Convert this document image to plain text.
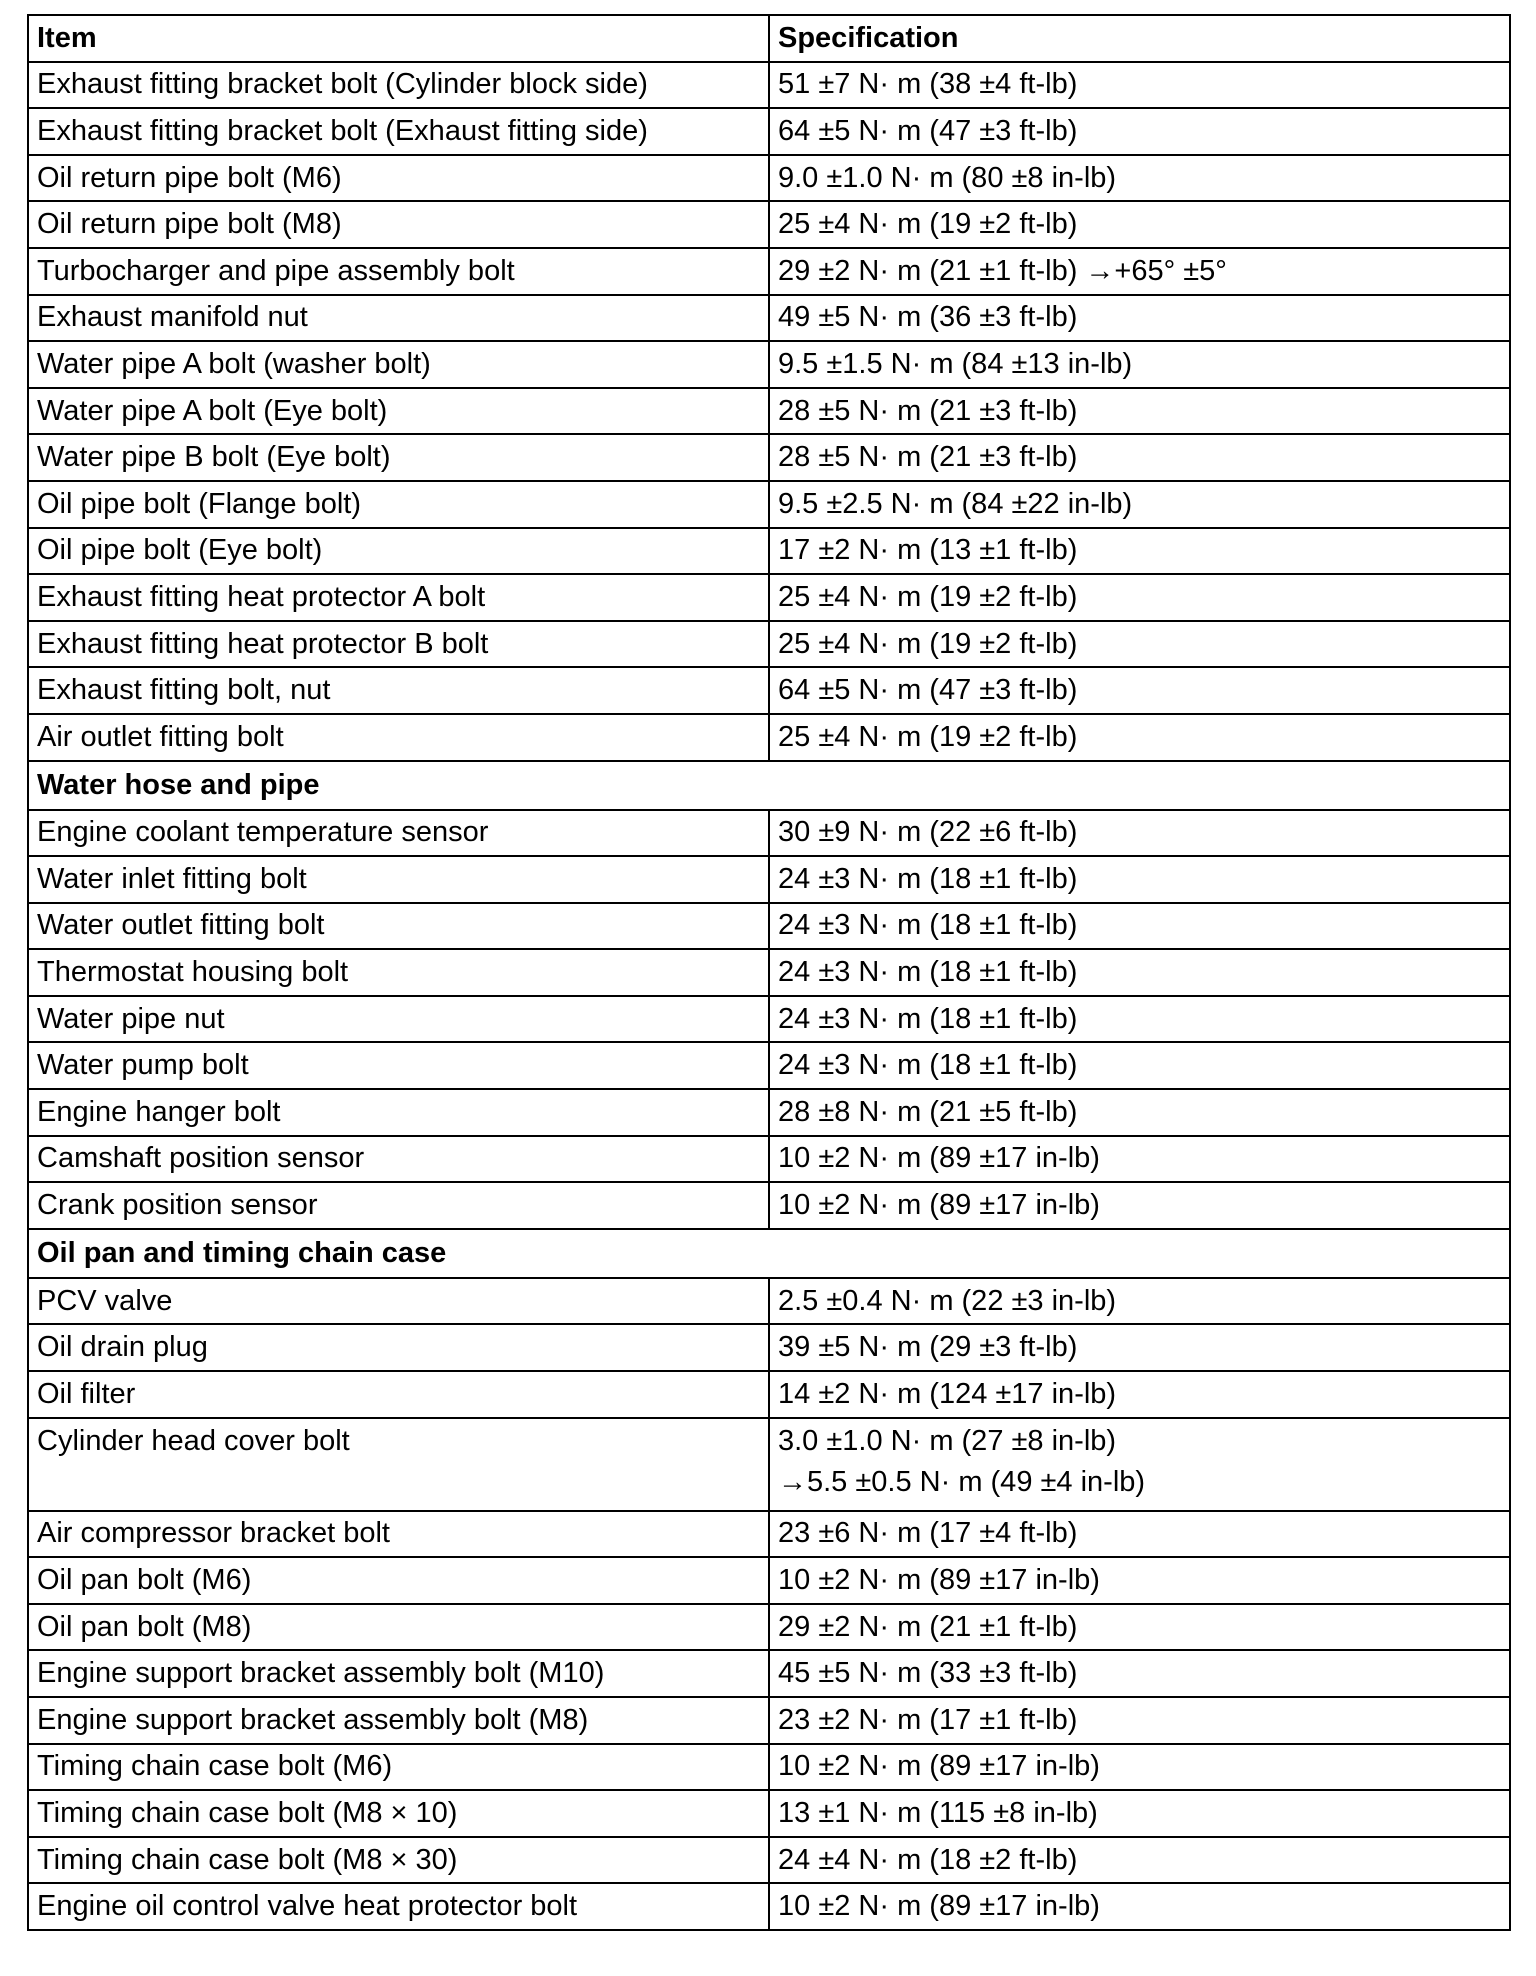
Item	Specification
Exhaust fitting bracket bolt (Cylinder block side)	51 ±7 N· m (38 ±4 ft-lb)
Exhaust fitting bracket bolt (Exhaust fitting side)	64 ±5 N· m (47 ±3 ft-lb)
Oil return pipe bolt (M6)	9.0 ±1.0 N· m (80 ±8 in-lb)
Oil return pipe bolt (M8)	25 ±4 N· m (19 ±2 ft-lb)
Turbocharger and pipe assembly bolt	29 ±2 N· m (21 ±1 ft-lb) →+65° ±5°
Exhaust manifold nut	49 ±5 N· m (36 ±3 ft-lb)
Water pipe A bolt (washer bolt)	9.5 ±1.5 N· m (84 ±13 in-lb)
Water pipe A bolt (Eye bolt)	28 ±5 N· m (21 ±3 ft-lb)
Water pipe B bolt (Eye bolt)	28 ±5 N· m (21 ±3 ft-lb)
Oil pipe bolt (Flange bolt)	9.5 ±2.5 N· m (84 ±22 in-lb)
Oil pipe bolt (Eye bolt)	17 ±2 N· m (13 ±1 ft-lb)
Exhaust fitting heat protector A bolt	25 ±4 N· m (19 ±2 ft-lb)
Exhaust fitting heat protector B bolt	25 ±4 N· m (19 ±2 ft-lb)
Exhaust fitting bolt, nut	64 ±5 N· m (47 ±3 ft-lb)
Air outlet fitting bolt	25 ±4 N· m (19 ±2 ft-lb)
Water hose and pipe	
Engine coolant temperature sensor	30 ±9 N· m (22 ±6 ft-lb)
Water inlet fitting bolt	24 ±3 N· m (18 ±1 ft-lb)
Water outlet fitting bolt	24 ±3 N· m (18 ±1 ft-lb)
Thermostat housing bolt	24 ±3 N· m (18 ±1 ft-lb)
Water pipe nut	24 ±3 N· m (18 ±1 ft-lb)
Water pump bolt	24 ±3 N· m (18 ±1 ft-lb)
Engine hanger bolt	28 ±8 N· m (21 ±5 ft-lb)
Camshaft position sensor	10 ±2 N· m (89 ±17 in-lb)
Crank position sensor	10 ±2 N· m (89 ±17 in-lb)
Oil pan and timing chain case	
PCV valve	2.5 ±0.4 N· m (22 ±3 in-lb)
Oil drain plug	39 ±5 N· m (29 ±3 ft-lb)
Oil filter	14 ±2 N· m (124 ±17 in-lb)
Cylinder head cover bolt	3.0 ±1.0 N· m (27 ±8 in-lb)
→5.5 ±0.5 N· m (49 ±4 in-lb)

Air compressor bracket bolt	23 ±6 N· m (17 ±4 ft-lb)
Oil pan bolt (M6)	10 ±2 N· m (89 ±17 in-lb)
Oil pan bolt (M8)	29 ±2 N· m (21 ±1 ft-lb)
Engine support bracket assembly bolt (M10)	45 ±5 N· m (33 ±3 ft-lb)
Engine support bracket assembly bolt (M8)	23 ±2 N· m (17 ±1 ft-lb)
Timing chain case bolt (M6)	10 ±2 N· m (89 ±17 in-lb)
Timing chain case bolt (M8 × 10)	13 ±1 N· m (115 ±8 in-lb)
Timing chain case bolt (M8 × 30)	24 ±4 N· m (18 ±2 ft-lb)
Engine oil control valve heat protector bolt	10 ±2 N· m (89 ±17 in-lb)
